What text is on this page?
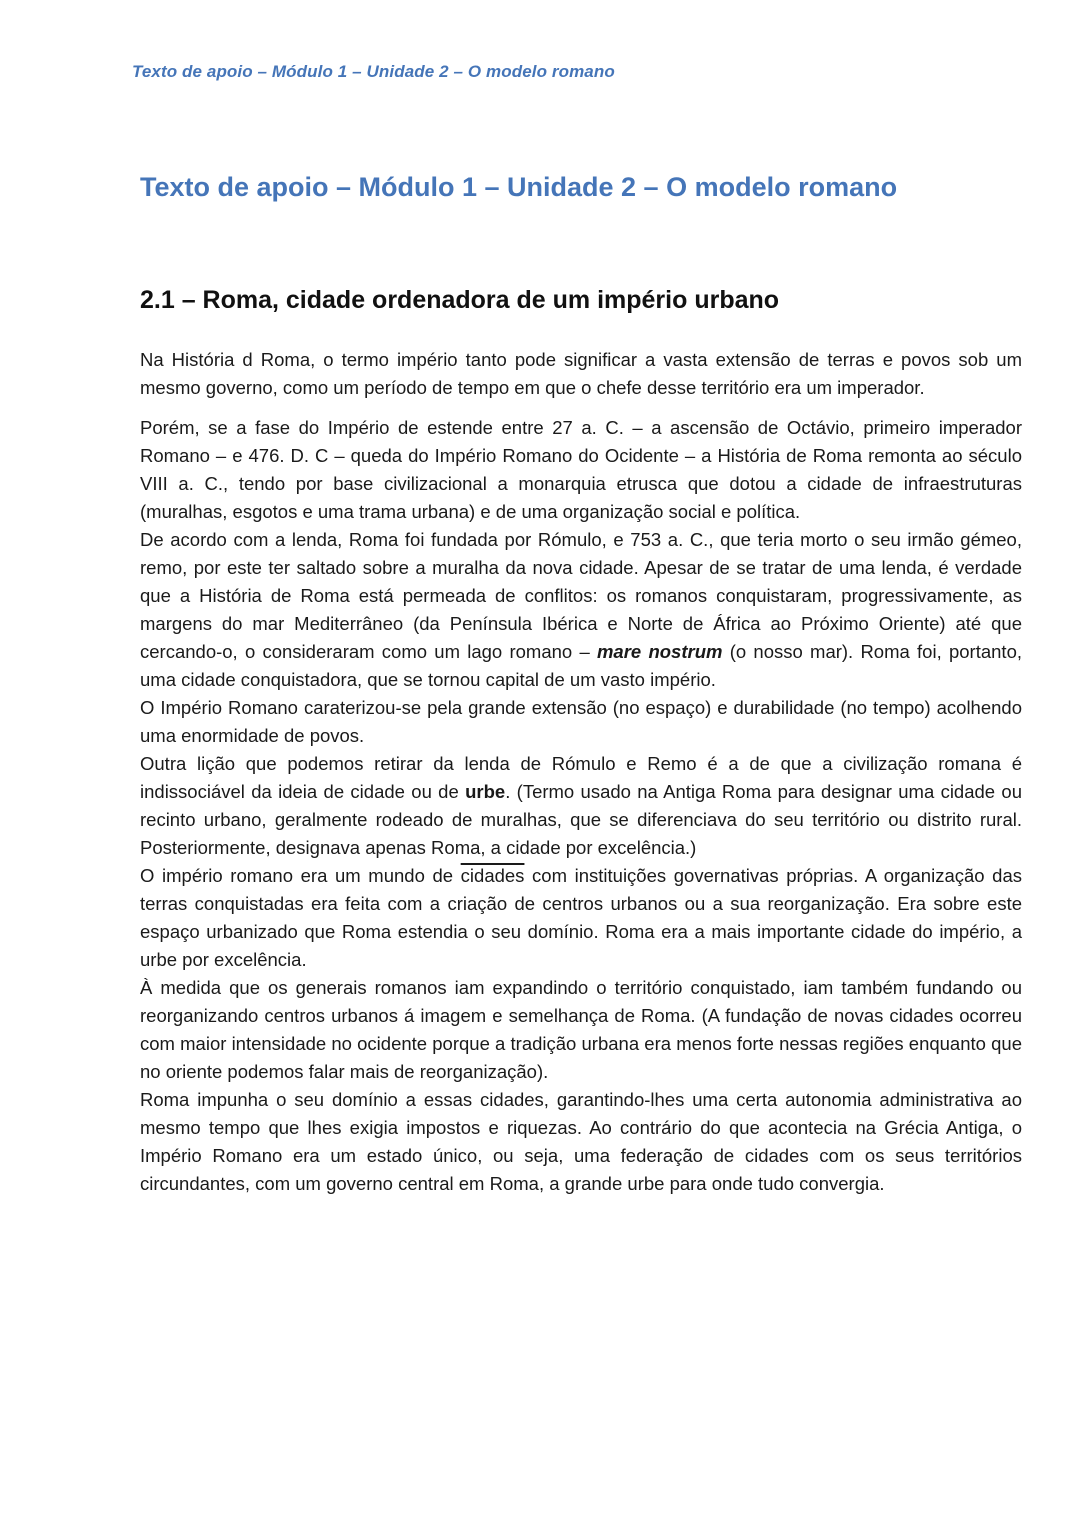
Texto de apoio – Módulo 1 – Unidade 2 – O modelo romano
Texto de apoio – Módulo 1 – Unidade 2 – O modelo romano
2.1 – Roma, cidade ordenadora de um império urbano

Na História d Roma, o termo império tanto pode significar a vasta extensão de terras e povos sob um mesmo governo, como um período de tempo em que o chefe desse território era um imperador.

Porém, se a fase do Império de estende entre 27 a. C. – a ascensão de Octávio, primeiro imperador Romano – e 476. D. C – queda do Império Romano do Ocidente – a História de Roma remonta ao século VIII a. C., tendo por base civilizacional a monarquia etrusca que dotou a cidade de infraestruturas (muralhas, esgotos e uma trama urbana) e de uma organização social e política.

De acordo com a lenda, Roma foi fundada por Rómulo, e 753 a. C., que teria morto o seu irmão gémeo, remo, por este ter saltado sobre a muralha da nova cidade. Apesar de se tratar de uma lenda, é verdade que a História de Roma está permeada de conflitos: os romanos conquistaram, progressivamente, as margens do mar Mediterrâneo (da Península Ibérica e Norte de África ao Próximo Oriente) até que cercando-o, o consideraram como um lago romano – mare nostrum (o nosso mar). Roma foi, portanto, uma cidade conquistadora, que se tornou capital de um vasto império.

O Império Romano caraterizou-se pela grande extensão (no espaço) e durabilidade (no tempo) acolhendo uma enormidade de povos.

Outra lição que podemos retirar da lenda de Rómulo e Remo é a de que a civilização romana é indissociável da ideia de cidade ou de urbe. (Termo usado na Antiga Roma para designar uma cidade ou recinto urbano, geralmente rodeado de muralhas, que se diferenciava do seu território ou distrito rural. Posteriormente, designava apenas Roma, a cidade por excelência.)

O império romano era um mundo de cidades com instituições governativas próprias. A organização das terras conquistadas era feita com a criação de centros urbanos ou a sua reorganização. Era sobre este espaço urbanizado que Roma estendia o seu domínio. Roma era a mais importante cidade do império, a urbe por excelência.

À medida que os generais romanos iam expandindo o território conquistado, iam também fundando ou reorganizando centros urbanos á imagem e semelhança de Roma. (A fundação de novas cidades ocorreu com maior intensidade no ocidente porque a tradição urbana era menos forte nessas regiões enquanto que no oriente podemos falar mais de reorganização).

Roma impunha o seu domínio a essas cidades, garantindo-lhes uma certa autonomia administrativa ao mesmo tempo que lhes exigia impostos e riquezas. Ao contrário do que acontecia na Grécia Antiga, o Império Romano era um estado único, ou seja, uma federação de cidades com os seus territórios circundantes, com um governo central em Roma, a grande urbe para onde tudo convergia.
